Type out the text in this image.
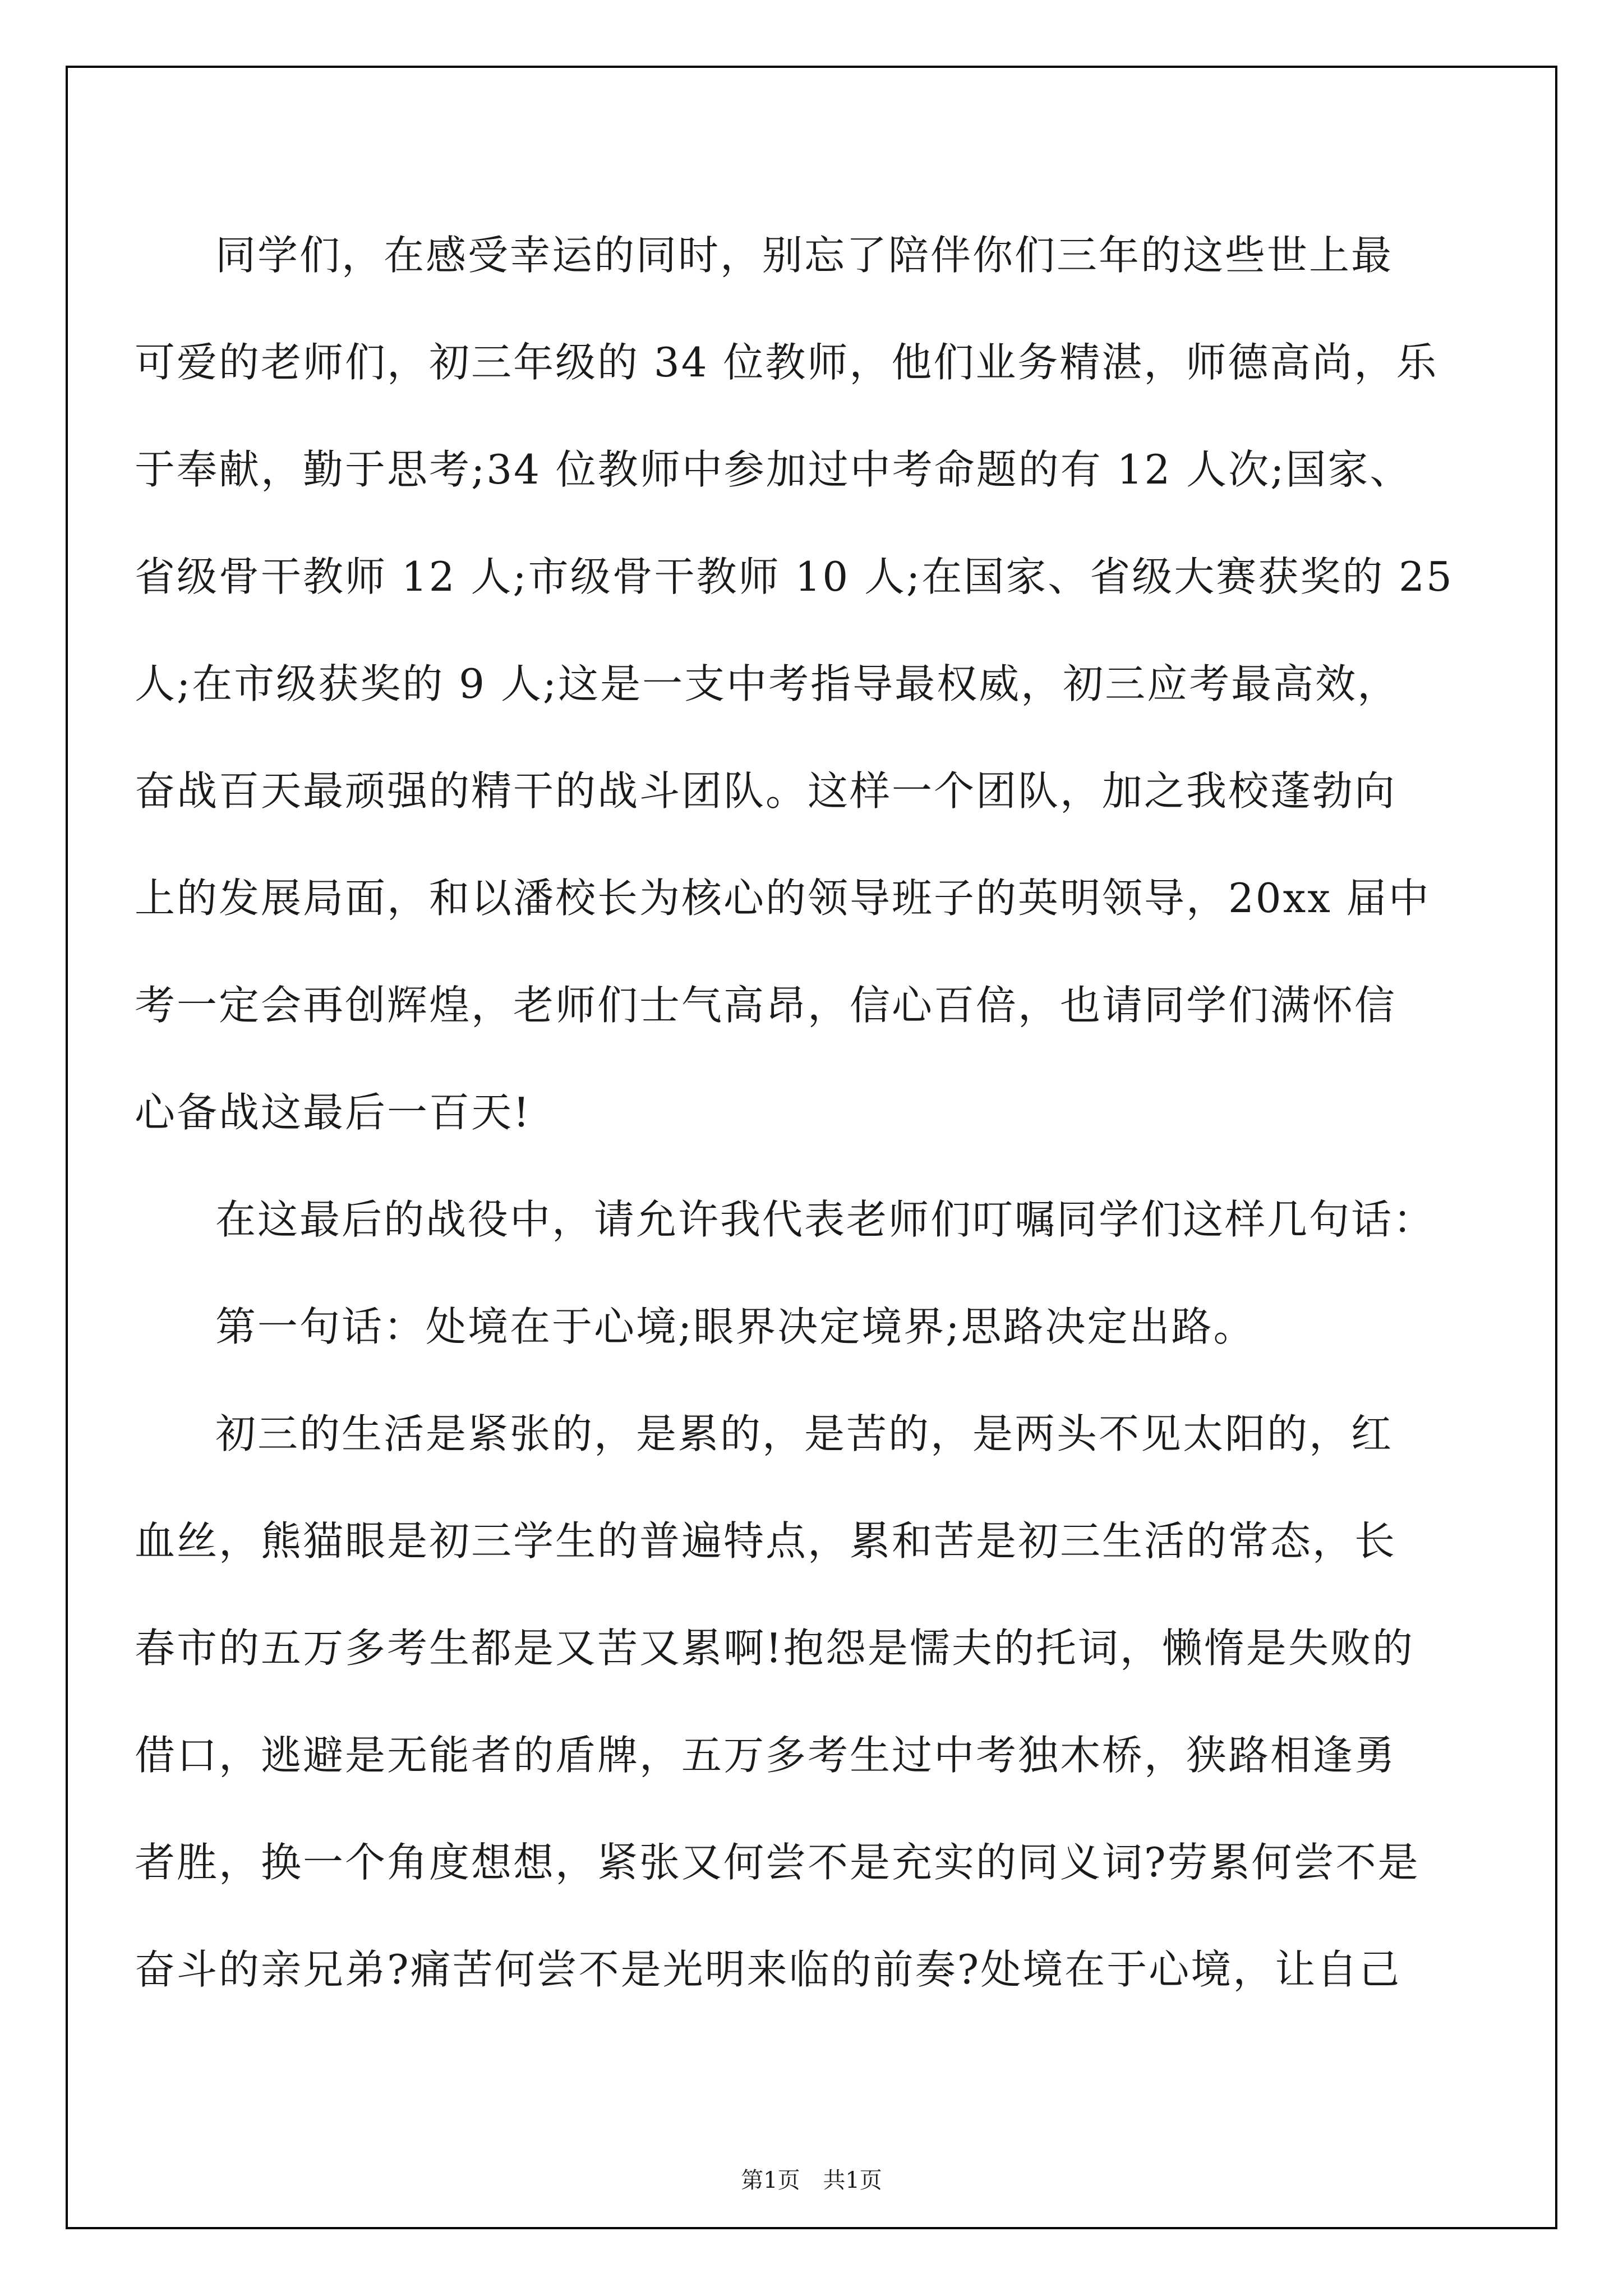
同学们，在感受幸运的同时，别忘了陪伴你们三年的这些世上最
可爱的老师们，初三年级的 34 位教师，他们业务精湛，师德高尚，乐
于奉献，勤于思考;34 位教师中参加过中考命题的有 12 人次;国家、
省级骨干教师 12 人;市级骨干教师 10 人;在国家、省级大赛获奖的 25
人;在市级获奖的 9 人;这是一支中考指导最权威，初三应考最高效，
奋战百天最顽强的精干的战斗团队。这样一个团队，加之我校蓬勃向
上的发展局面，和以潘校长为核心的领导班子的英明领导，20xx 届中
考一定会再创辉煌，老师们士气高昂，信心百倍，也请同学们满怀信
心备战这最后一百天!
在这最后的战役中，请允许我代表老师们叮嘱同学们这样几句话：
第一句话：处境在于心境;眼界决定境界;思路决定出路。
初三的生活是紧张的，是累的，是苦的，是两头不见太阳的，红
血丝，熊猫眼是初三学生的普遍特点，累和苦是初三生活的常态，长
春市的五万多考生都是又苦又累啊!抱怨是懦夫的托词，懒惰是失败的
借口，逃避是无能者的盾牌，五万多考生过中考独木桥，狭路相逢勇
者胜，换一个角度想想，紧张又何尝不是充实的同义词?劳累何尝不是
奋斗的亲兄弟?痛苦何尝不是光明来临的前奏?处境在于心境，让自己
第1页 共1页
